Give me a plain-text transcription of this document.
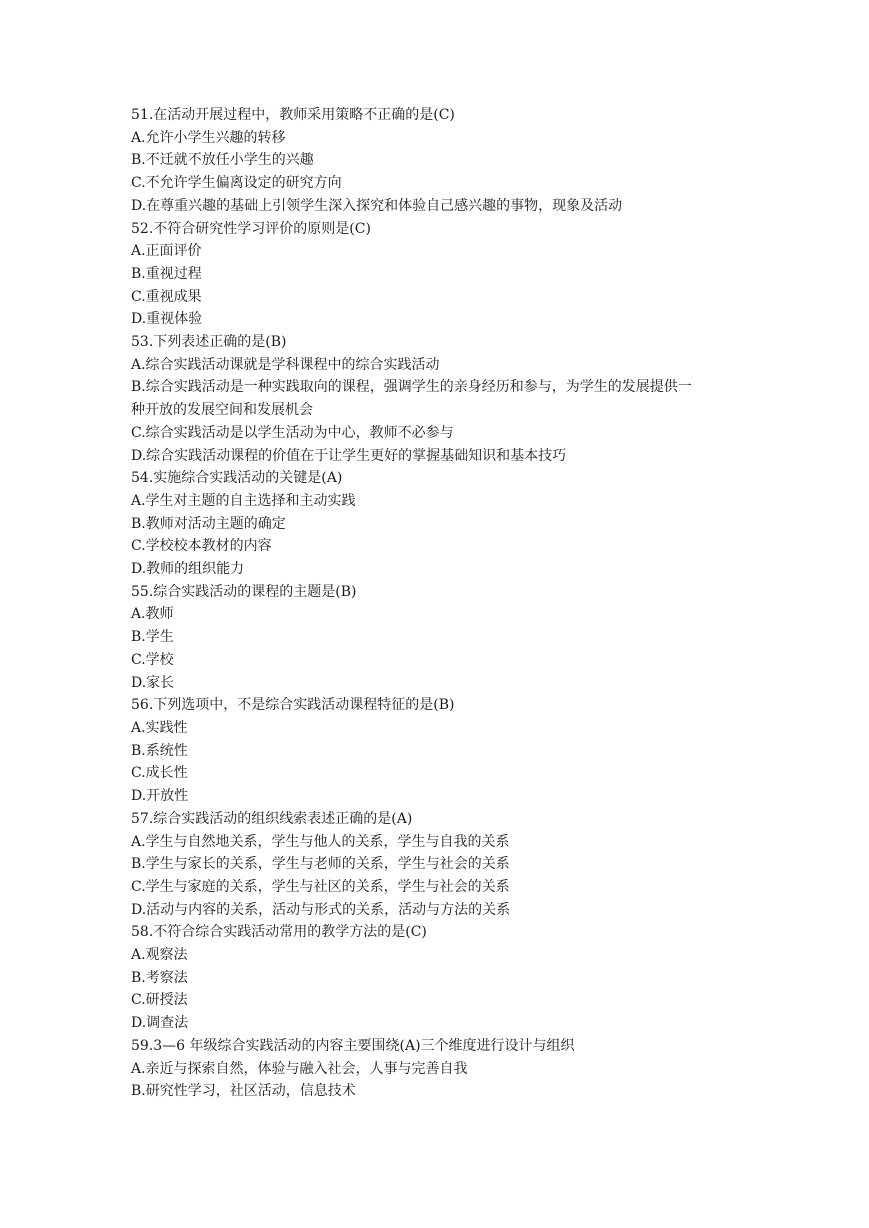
51.在活动开展过程中，教师采用策略不正确的是(C)
A.允许小学生兴趣的转移
B.不迁就不放任小学生的兴趣
C.不允许学生偏离设定的研究方向
D.在尊重兴趣的基础上引领学生深入探究和体验自己感兴趣的事物，现象及活动
52.不符合研究性学习评价的原则是(C)
A.正面评价
B.重视过程
C.重视成果
D.重视体验
53.下列表述正确的是(B)
A.综合实践活动课就是学科课程中的综合实践活动
B.综合实践活动是一种实践取向的课程，强调学生的亲身经历和参与，为学生的发展提供一
种开放的发展空间和发展机会
C.综合实践活动是以学生活动为中心，教师不必参与
D.综合实践活动课程的价值在于让学生更好的掌握基础知识和基本技巧
54.实施综合实践活动的关键是(A)
A.学生对主题的自主选择和主动实践
B.教师对活动主题的确定
C.学校校本教材的内容
D.教师的组织能力
55.综合实践活动的课程的主题是(B)
A.教师
B.学生
C.学校
D.家长
56.下列选项中，不是综合实践活动课程特征的是(B)
A.实践性
B.系统性
C.成长性
D.开放性
57.综合实践活动的组织线索表述正确的是(A)
A.学生与自然地关系，学生与他人的关系，学生与自我的关系
B.学生与家长的关系，学生与老师的关系，学生与社会的关系
C.学生与家庭的关系，学生与社区的关系，学生与社会的关系
D.活动与内容的关系，活动与形式的关系，活动与方法的关系
58.不符合综合实践活动常用的教学方法的是(C)
A.观察法
B.考察法
C.研授法
D.调查法
59.3—6 年级综合实践活动的内容主要围绕(A)三个维度进行设计与组织
A.亲近与探索自然，体验与融入社会，人事与完善自我
B.研究性学习，社区活动，信息技术
